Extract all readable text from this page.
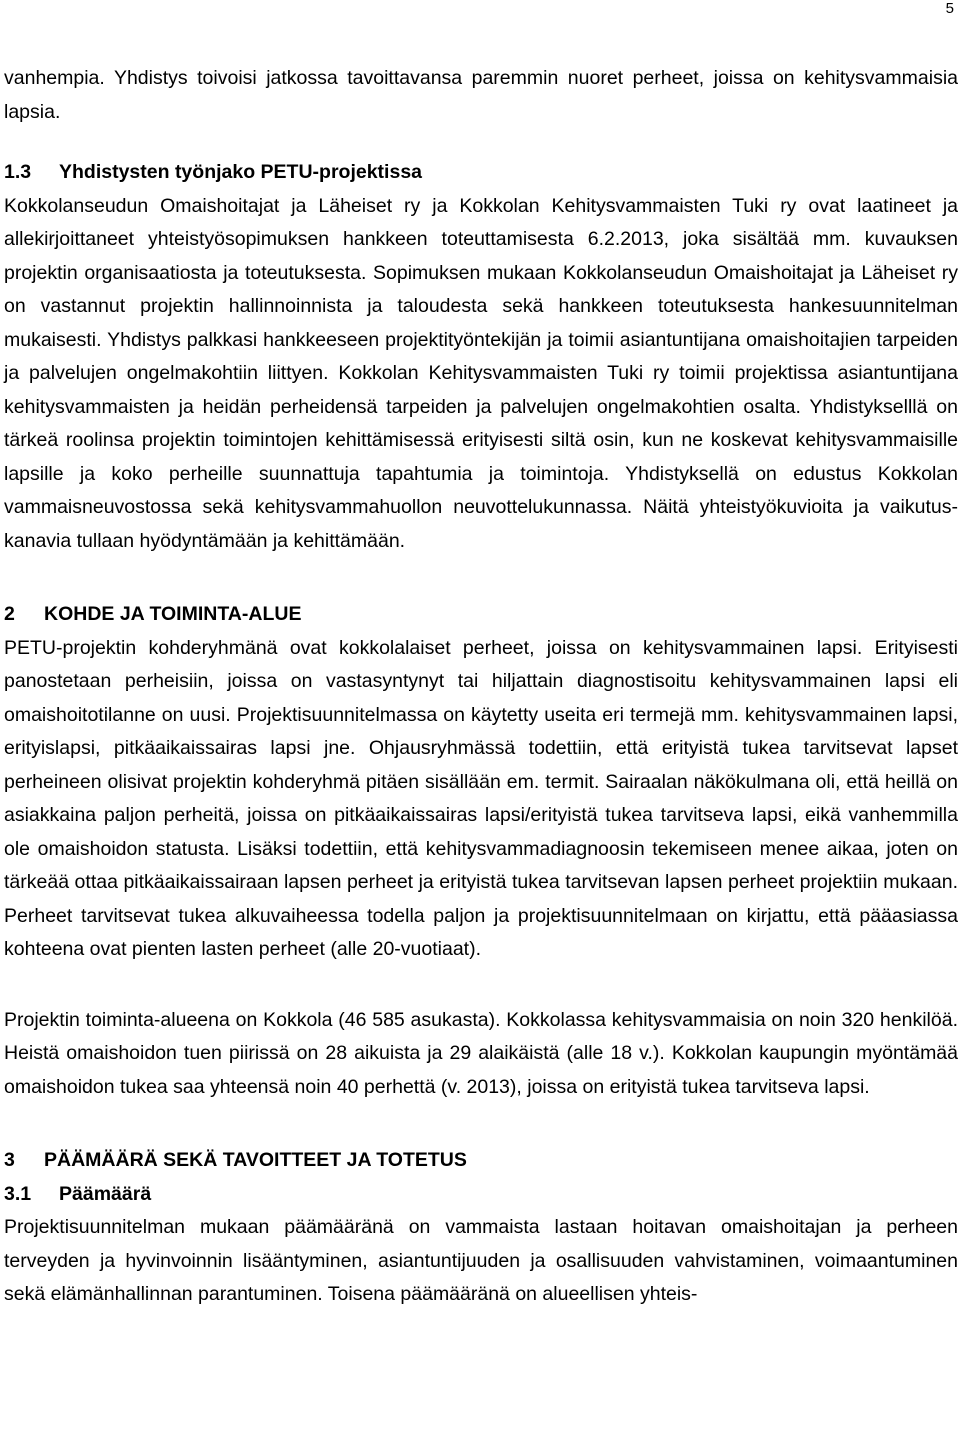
5

vanhempia. Yhdistys toivoisi jatkossa tavoittavansa paremmin nuoret perheet, joissa on kehitysvammaisia lapsia.

1.3	Yhdistysten työnjako PETU-projektissa

Kokkolanseudun Omaishoitajat ja Läheiset ry ja Kokkolan Kehitysvammaisten Tuki ry ovat laatineet ja allekirjoittaneet yhteistyösopimuksen hankkeen toteuttamisesta 6.2.2013, joka sisältää mm. kuvauksen projektin organisaatiosta ja toteutuksesta. Sopimuksen mukaan Kokkolanseudun Omaishoitajat ja Läheiset ry on vastannut projektin hallinnoinnista ja taloudesta sekä hankkeen toteutuksesta hankesuunnitelman mukaisesti. Yhdistys palkkasi hankkeeseen projektityöntekijän ja toimii asiantuntijana omaishoitajien tarpeiden ja palvelujen ongelmakohtiin liittyen. Kokkolan Kehitysvammaisten Tuki ry toimii projektissa asiantuntijana kehitysvammaisten ja heidän perheidensä tarpeiden ja palvelujen ongelmakohtien osalta. Yhdistykselllä on tärkeä roolinsa projektin toimintojen kehittämisessä erityisesti siltä osin, kun ne koskevat kehitysvammaisille lapsille ja koko perheille suunnattuja tapahtumia ja toimintoja. Yhdistyksellä on edustus Kokkolan vammaisneuvostossa sekä kehitysvammahuollon neuvottelukunnassa. Näitä yhteistyökuvioita ja vaikutuskanavia tullaan hyödyntämään ja kehittämään.

2	KOHDE JA TOIMINTA-ALUE

PETU-projektin kohderyhmänä ovat kokkolalaiset perheet, joissa on kehitysvammainen lapsi. Erityisesti panostetaan perheisiin, joissa on vastasyntynyt tai hiljattain diagnostisoitu kehitysvammainen lapsi eli omaishoitotilanne on uusi. Projektisuunnitelmassa on käytetty useita eri termejä mm. kehitysvammainen lapsi, erityislapsi, pitkäaikaissairas lapsi jne. Ohjausryhmässä todettiin, että erityistä tukea tarvitsevat lapset perheineen olisivat projektin kohderyhmä pitäen sisällään em. termit. Sairaalan näkökulmana oli, että heillä on asiakkaina paljon perheitä, joissa on pitkäaikaissairas lapsi/erityistä tukea tarvitseva lapsi, eikä vanhemmilla ole omaishoidon statusta. Lisäksi todettiin, että kehitysvammadiagnoosin tekemiseen menee aikaa, joten on tärkeää ottaa pitkäaikaissairaan lapsen perheet ja erityistä tukea tarvitsevan lapsen perheet projektiin mukaan. Perheet tarvitsevat tukea alkuvaiheessa todella paljon ja projektisuunnitelmaan on kirjattu, että pääasiassa kohteena ovat pienten lasten perheet (alle 20-vuotiaat).

Projektin toiminta-alueena on Kokkola (46 585 asukasta). Kokkolassa kehitysvammaisia on noin 320 henkilöä. Heistä omaishoidon tuen piirissä on 28 aikuista ja 29 alaikäistä (alle 18 v.). Kokkolan kaupungin myöntämää omaishoidon tukea saa yhteensä noin 40 perhettä (v. 2013), joissa on erityistä tukea tarvitseva lapsi.

3	PÄÄMÄÄRÄ SEKÄ TAVOITTEET JA TOTETUS
3.1	Päämäärä

Projektisuunnitelman mukaan päämääränä on vammaista lastaan hoitavan omaishoitajan ja perheen terveyden ja hyvinvoinnin lisääntyminen, asiantuntijuuden ja osallisuuden vahvistaminen, voimaantuminen sekä elämänhallinnan parantuminen. Toisena päämääränä on alueellisen yhteis-
